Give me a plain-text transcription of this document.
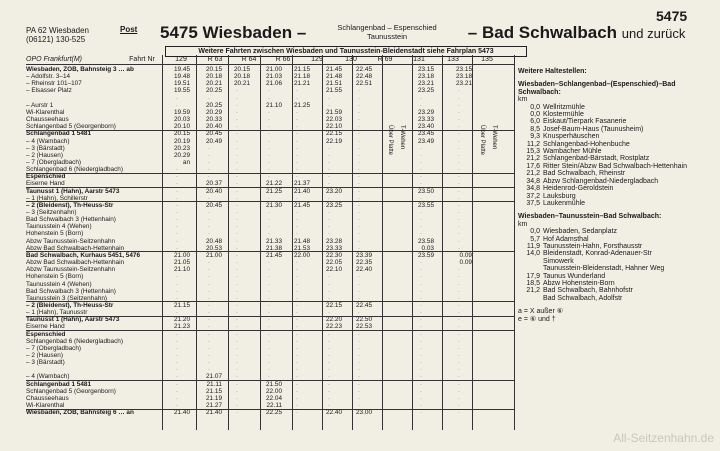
5475
PA 62 Wiesbaden
(06121) 130-525
Post 5475 Wiesbaden –	Schlangenbad – Espenschied
Taunusstein	– Bad Schwalbach und zurück
Weitere Fahrten zwischen Wiesbaden und Taunusstein-Bleidenstadt siehe Fahrplan 5473
OPO Frankfurt(M)	Fahrt Nr	129	R 63	R 64	R 66	129	130	R 69	131	133	135
Wiesbaden, ZOB, Bahnsteig 3 … ab	19.45	20.15	20.15	21.00	21.15	21.45	22.45	23.15	23.15
– Adolfstr. 3–14	19.48	20.18	20.18	21.03	21.18	21.48	22.48	23.18	23.18
– Rheinstr 101–107	19.51	20.21	20.21	21.06	21.21	21.51	22.51	23.21	23.21
– Elsasser Platz	19.55	20.25	·	·	·	21.55	·	23.25	·
·	·	·	·	·	·	·	·	·
– Aurstr 1	·	20.25	·	21.10	21.25	·	·	·	·
Wi-Klarenthal	19.59	20.29	·	·	·	21.59	·	23.29	·
Chausseehaus	20.03	20.33	·	·	·	22.03	·	23.33	·
Schlangenbad 5 (Georgenborn)	20.10	20.40	·	·	·	22.10	·	23.40	·
Schlangenbad 1 5481	20.15	20.45	·	·	·	22.15	·	23.45	·
– 4 (Wambach)	20.19	20.49	·	·	·	22.19	·	23.49	·
– 3 (Bärstadt)	20.23	·	·	·	·	·	·	·	·
– 2 (Hausen)	20.29	·	·	·	·	·	·	·	·
– 7 (Obergladbach)	an	·	·	·	·	·	·	·	·
Schlangenbad 6 (Niedergladbach)	·	·	·	·	·	·	·	·	·
Espenschied	·	·	·	·	·	·	·	·	·
Eiserne Hand	·	20.37	·	21.22	21.37	·	·	·	·
Taunusst 1 (Hahn), Aarstr 5473	·	20.40	·	21.25	21.40	23.20	·	23.50	·
– 1 (Hahn), Schillerstr	·	·	·	·	·	·	·	·	·
– 2 (Bleidenst), Th-Heuss-Str	·	20.45	·	21.30	21.45	23.25	·	23.55	·
– 3 (Seitzenhahn)	·	·	·	·	·	·	·	·	·
Bad Schwalbach 3 (Hettenhain)	·	·	·	·	·	·	·	·	·
Taunusstein 4 (Wehen)	·	·	·	·	·	·	·	·	·
Hohenstein 5 (Born)	·	·	·	·	·	·	·	·	·
Abzw Taunusstein-Seitzenhahn	·	20.48	·	21.33	21.48	23.28	·	23.58	·
Abzw Bad Schwalbach-Hettenhain	·	20.53	·	21.38	21.53	23.33	·	0.03	·
Bad Schwalbach, Kurhaus 5451, 5476	21.00	21.00	·	21.45	22.00	22.30	23.39	23.59	0.09
Abzw Bad Schwalbach-Hettenhain	21.05	·	·	·	·	22.05	22.35	·	0.09
Abzw Taunusstein-Seitzenhahn	21.10	·	·	·	·	22.10	22.40	·	·
Hohenstein 5 (Born)	·	·	·	·	·	·	·	·	·
Taunusstein 4 (Wehen)	·	·	·	·	·	·	·	·	·
Bad Schwalbach 3 (Hettenhain)	·	·	·	·	·	·	·	·	·
Taunusstein 3 (Seitzenhahn)	·	·	·	·	·	·	·	·	·
– 2 (Bleidenst), Th-Heuss-Str	21.15	·	·	·	·	22.15	22.45	·	·
– 1 (Hahn), Taunusstr	·	·	·	·	·	·	·	·	·
Taunusst 1 (Hahn), Aarstr 5473	21.20	·	·	·	·	22.20	22.50	·	·
Eiserne Hand	21.23	·	·	·	·	22.23	22.53	·	·
Espenschied	·	·	·	·	·	·	·	·	·
Schlangenbad 6 (Niedergladbach)	·	·	·	·	·	·	·	·	·
– 7 (Obergladbach)	·	·	·	·	·	·	·	·	·
– 2 (Hausen)	·	·	·	·	·	·	·	·	·
– 3 (Bärstadt)	·	·	·	·	·	·	·	·	·
·	·	·	·	·	·	·	·	·
– 4 (Wambach)	·	21.07	·	·	·	·	·	·	·
Schlangenbad 1 5481	·	21.11	·	21.50	·	·	·	·	·
Schlangenbad 5 (Georgenborn)	·	21.15	·	22.00	·	·	·	·	·
Chausseehaus	·	21.19	·	22.04	·	·	·	·	·
Wi-Klarenthal	·	21.27	·	22.11	·	·	·	·	·
Wiesbaden, ZOB, Bahnsteig 6 … an	21.40	21.40	·	22.25	·	22.40	23.00	·	·
Über Platte T-Wehen	Über Platte T-Wehen
Weitere Haltestellen:
Wiesbaden–Schlangenbad–(Espenschied)–Bad Schwalbach:
km
0,0 Wellritzmühle
0,0 Klostermühle
6,0 Eiskaut/Tierpark Fasanerie
8,5 Josef-Baum-Haus (Taunusheim)
9,3 Knusperhäuschen
11,2 Schlangenbad-Hohenbuche
15,3 Wambacher Mühle
21,2 Schlangenbad-Bärstadt, Rostplatz
17,6 Ritter Stein/Abzw Bad Schwalbach-Hettenhain
21,2 Bad Schwalbach, Rheinstr
34,8 Abzw Schlangenbad-Niedergladbach
34,8 Heidenrod-Geroldstein
37,2 Lauksburg
37,5 Laukenmühle
Wiesbaden–Taunusstein–Bad Schwalbach:
km
0,0 Wiesbaden, Sedanplatz
5,7 Hof Adamsthal
11,9 Taunusstein-Hahn, Forsthausstr
14,0 Bleidenstadt, Konrad-Adenauer-Str
Simowerk
Taunusstein-Bleidenstadt, Hahner Weg
17,9 Taunus Wunderland
18,5 Abzw Hohenstein-Born
21,2 Bad Schwalbach, Bahnhofstr
Bad Schwalbach, Adolfstr
a = X außer ⑥
e = ⑥ und †
All-Seitzenhahn.de
